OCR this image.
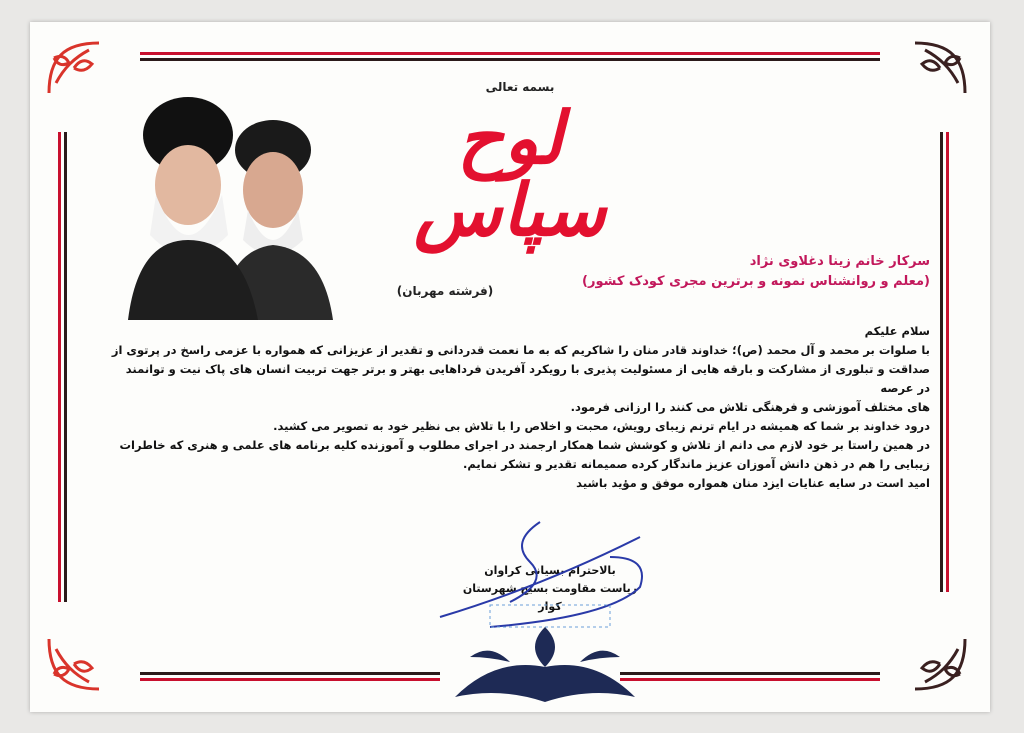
بسمه تعالی
لوح سپاس
(فرشته مهربان)
سرکار خانم زینا دغلاوی نژاد
(معلم و روانشناس نمونه و برترین مجری کودک کشور)

سلام علیکم

با صلوات بر محمد و آل محمد (ص)؛ خداوند قادر منان را شاکریم که به ما نعمت قدردانی و تقدیر از عزیزانی که همواره با عزمی راسخ در پرتوی از

صداقت و تبلوری از مشارکت و بارقه هایی از مسئولیت پذیری با رویکرد آفریدن فرداهایی بهتر و برتر جهت تربیت انسان های پاک نیت و توانمند در عرصه

های مختلف آموزشی و فرهنگی تلاش می کنند را ارزانی فرمود.

درود خداوند بر شما که همیشه در ایام ترنم زیبای رویش، محبت و اخلاص را با تلاش بی نظیر خود به تصویر می کشید.

در همین راستا بر خود لازم می دانم از تلاش و کوشش شما همکار ارجمند در اجرای مطلوب و آموزنده کلیه برنامه های علمی و هنری که خاطرات

زیبایی را هم در ذهن دانش آموزان عزیز ماندگار کرده صمیمانه تقدیر و تشکر نمایم.

امید است در سایه عنایات ایزد منان همواره موفق و مؤید باشید

بالاحترام بسیانی کراوان
ریاست مقاومت بسیج شهرستان کوار
